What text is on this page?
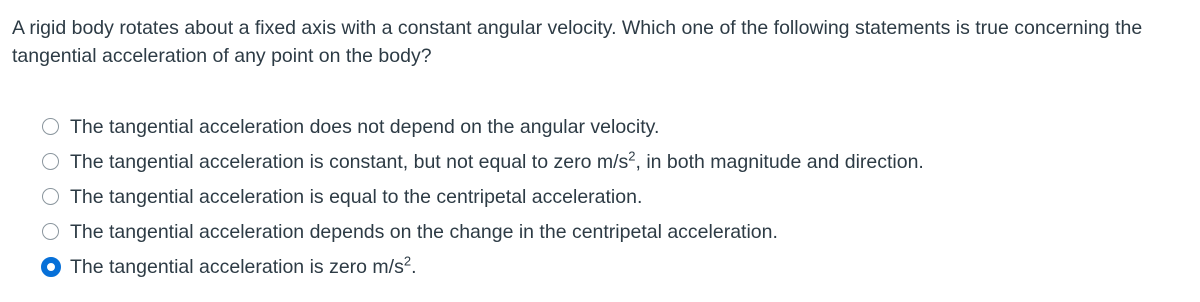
A rigid body rotates about a fixed axis with a constant angular velocity. Which one of the following statements is true concerning the tangential acceleration of any point on the body?
The tangential acceleration does not depend on the angular velocity.
The tangential acceleration is constant, but not equal to zero $m/s^2$, in both magnitude and direction.
The tangential acceleration is equal to the centripetal acceleration.
The tangential acceleration depends on the change in the centripetal acceleration.
The tangential acceleration is zero $m/s^2$.
